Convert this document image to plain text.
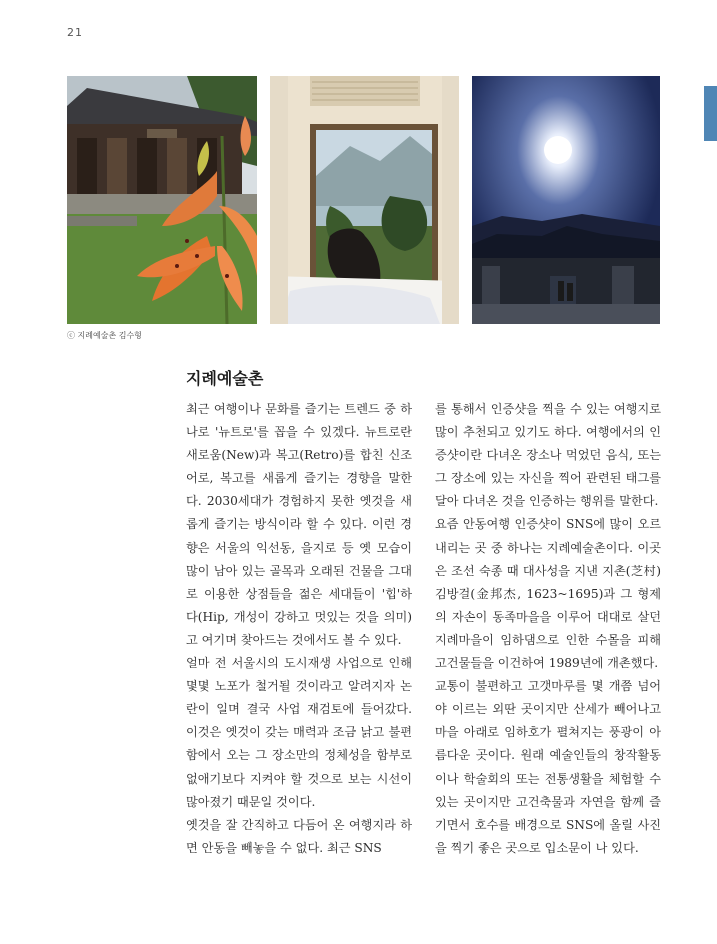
21
ⓒ 지례예술촌 김수형
지례예술촌

최근 여행이나 문화를 즐기는 트렌드 중 하나로 '뉴트로'를 꼽을 수 있겠다. 뉴트로란 새로움(New)과 복고(Retro)를 합친 신조어로, 복고를 새롭게 즐기는 경향을 말한다. 2030세대가 경험하지 못한 옛것을 새롭게 즐기는 방식이라 할 수 있다. 이런 경향은 서울의 익선동, 을지로 등 옛 모습이 많이 남아 있는 골목과 오래된 건물을 그대로 이용한 상점들을 젊은 세대들이 '힙'하다(Hip, 개성이 강하고 멋있는 것을 의미)고 여기며 찾아드는 것에서도 볼 수 있다.

얼마 전 서울시의 도시재생 사업으로 인해 몇몇 노포가 철거될 것이라고 알려지자 논란이 일며 결국 사업 재검토에 들어갔다. 이것은 옛것이 갖는 매력과 조금 낡고 불편함에서 오는 그 장소만의 정체성을 함부로 없애기보다 지켜야 할 것으로 보는 시선이 많아졌기 때문일 것이다.

옛것을 잘 간직하고 다듬어 온 여행지라 하면 안동을 빼놓을 수 없다. 최근 SNS

를 통해서 인증샷을 찍을 수 있는 여행지로 많이 추천되고 있기도 하다. 여행에서의 인증샷이란 다녀온 장소나 먹었던 음식, 또는 그 장소에 있는 자신을 찍어 관련된 태그를 달아 다녀온 것을 인증하는 행위를 말한다.

요즘 안동여행 인증샷이 SNS에 많이 오르내리는 곳 중 하나는 지례예술촌이다. 이곳은 조선 숙종 때 대사성을 지낸 지촌(芝村) 김방걸(金邦杰, 1623~1695)과 그 형제의 자손이 동족마을을 이루어 대대로 살던 지례마을이 임하댐으로 인한 수몰을 피해 고건물들을 이건하여 1989년에 개촌했다.

교통이 불편하고 고갯마루를 몇 개쯤 넘어야 이르는 외딴 곳이지만 산세가 빼어나고 마을 아래로 임하호가 펼쳐지는 풍광이 아름다운 곳이다. 원래 예술인들의 창작활동이나 학술회의 또는 전통생활을 체험할 수 있는 곳이지만 고건축물과 자연을 함께 즐기면서 호수를 배경으로 SNS에 올릴 사진을 찍기 좋은 곳으로 입소문이 나 있다.
